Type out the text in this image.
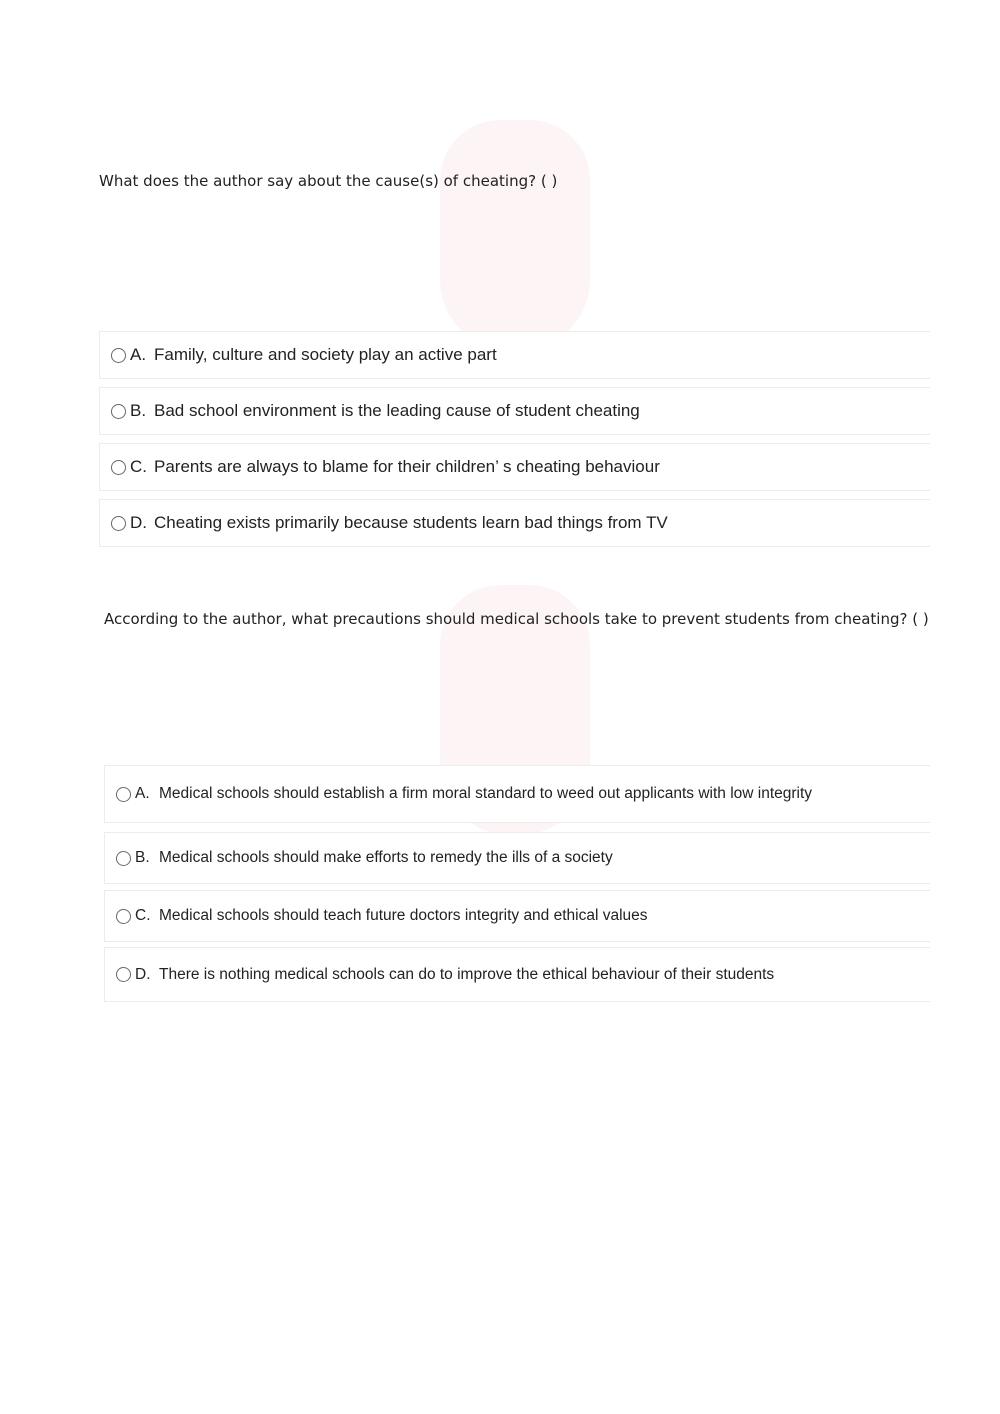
What does the author say about the cause(s) of cheating? ( )
A. Family, culture and society play an active part
B. Bad school environment is the leading cause of student cheating
C. Parents are always to blame for their children’ s cheating behaviour
D. Cheating exists primarily because students learn bad things from TV
According to the author, what precautions should medical schools take to prevent students from cheating? ( )
A. Medical schools should establish a firm moral standard to weed out applicants with low integrity
B. Medical schools should make efforts to remedy the ills of a society
C. Medical schools should teach future doctors integrity and ethical values
D. There is nothing medical schools can do to improve the ethical behaviour of their students
